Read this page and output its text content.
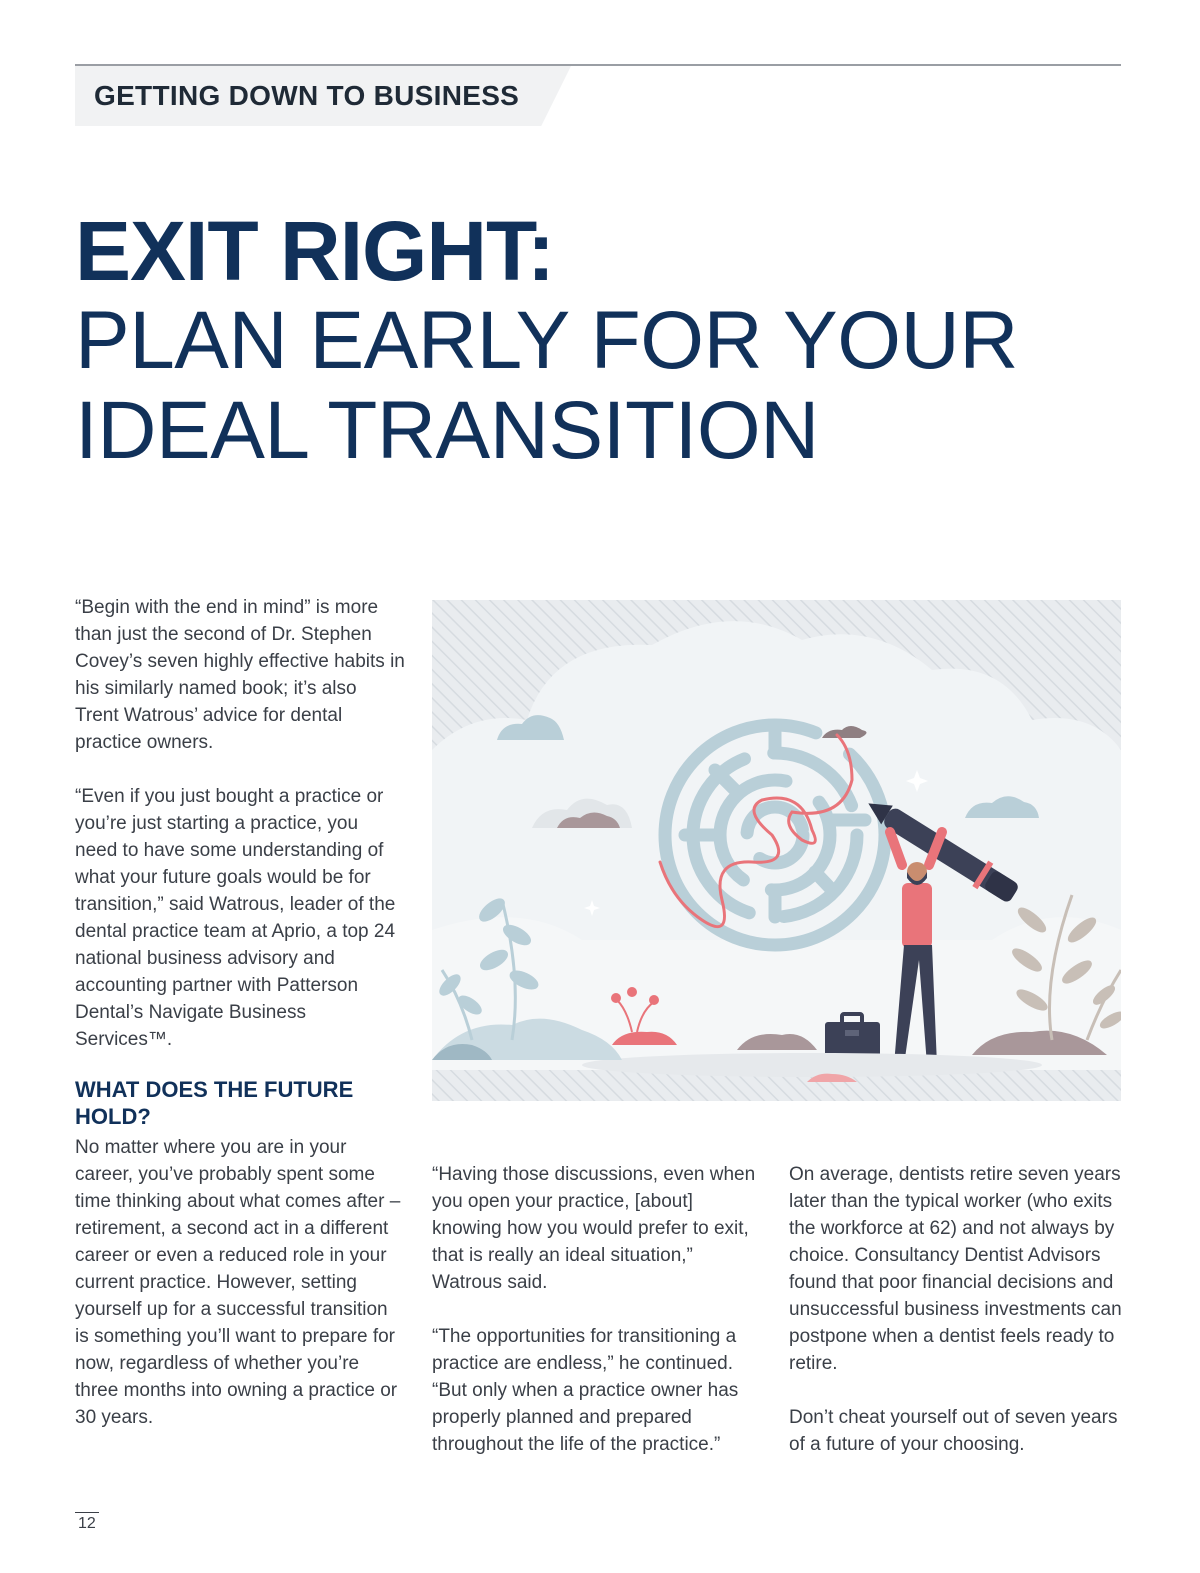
GETTING DOWN TO BUSINESS
EXIT RIGHT:
PLAN EARLY FOR YOUR
IDEAL TRANSITION

“Begin with the end in mind” is more than just the second of Dr. Stephen Covey’s seven highly effective habits in his similarly named book; it’s also Trent Watrous’ advice for dental practice owners.

“Even if you just bought a practice or you’re just starting a practice, you need to have some understanding of what your future goals would be for transition,” said Watrous, leader of the dental practice team at Aprio, a top 24 national business advisory and accounting partner with Patterson Dental’s Navigate Business Services™.

WHAT DOES THE FUTURE HOLD?

No matter where you are in your career, you’ve probably spent some time thinking about what comes after – retirement, a second act in a different career or even a reduced role in your current practice. However, setting yourself up for a successful transition is something you’ll want to prepare for now, regardless of whether you’re three months into owning a practice or 30 years.

“Having those discussions, even when you open your practice, [about] knowing how you would prefer to exit, that is really an ideal situation,” Watrous said.

“The opportunities for transitioning a practice are endless,” he continued. “But only when a practice owner has properly planned and prepared throughout the life of the practice.”

On average, dentists retire seven years later than the typical worker (who exits the workforce at 62) and not always by choice. Consultancy Dentist Advisors found that poor financial decisions and unsuccessful business investments can postpone when a dentist feels ready to retire.

Don’t cheat yourself out of seven years of a future of your choosing.

12
